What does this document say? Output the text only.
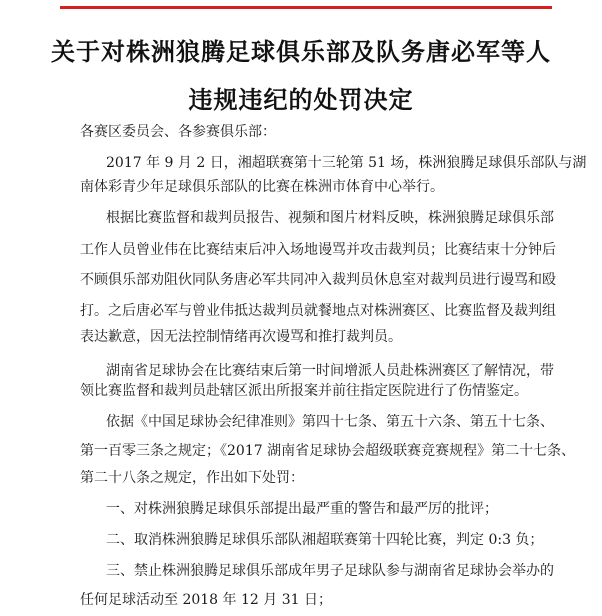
关于对株洲狼腾足球俱乐部及队务唐必军等人
违规违纪的处罚决定
各赛区委员会、各参赛俱乐部：
2017 年 9 月 2 日，湘超联赛第十三轮第 51 场，株洲狼腾足球俱乐部队与湖
南体彩青少年足球俱乐部队的比赛在株洲市体育中心举行。
根据比赛监督和裁判员报告、视频和图片材料反映，株洲狼腾足球俱乐部
工作人员曾业伟在比赛结束后冲入场地谩骂并攻击裁判员；比赛结束十分钟后
不顾俱乐部劝阻伙同队务唐必军共同冲入裁判员休息室对裁判员进行谩骂和殴
打。之后唐必军与曾业伟抵达裁判员就餐地点对株洲赛区、比赛监督及裁判组
表达歉意，因无法控制情绪再次谩骂和推打裁判员。
湖南省足球协会在比赛结束后第一时间增派人员赴株洲赛区了解情况，带
领比赛监督和裁判员赴辖区派出所报案并前往指定医院进行了伤情鉴定。
依据《中国足球协会纪律准则》第四十七条、第五十六条、第五十七条、
第一百零三条之规定；《2017 湖南省足球协会超级联赛竞赛规程》第二十七条、
第二十八条之规定，作出如下处罚：
一、对株洲狼腾足球俱乐部提出最严重的警告和最严厉的批评；
二、取消株洲狼腾足球俱乐部队湘超联赛第十四轮比赛，判定 0:3 负；
三、禁止株洲狼腾足球俱乐部成年男子足球队参与湖南省足球协会举办的
任何足球活动至 2018 年 12 月 31 日；
